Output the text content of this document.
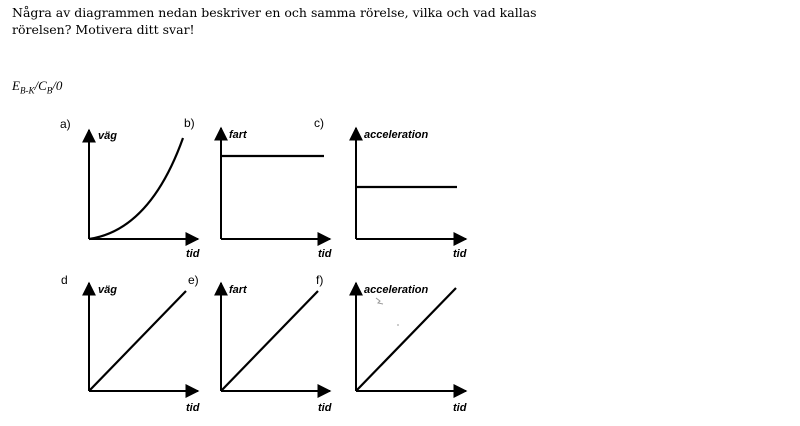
Några av diagrammen nedan beskriver en och samma rörelse, vilka och vad kallas rörelsen? Motivera ditt svar!

$E_{B-K}/C_B/0$
a)
väg
tid
b)
fart
tid
c)
acceleration
tid
d
väg
tid
e)
fart
tid
f)
acceleration
tid
